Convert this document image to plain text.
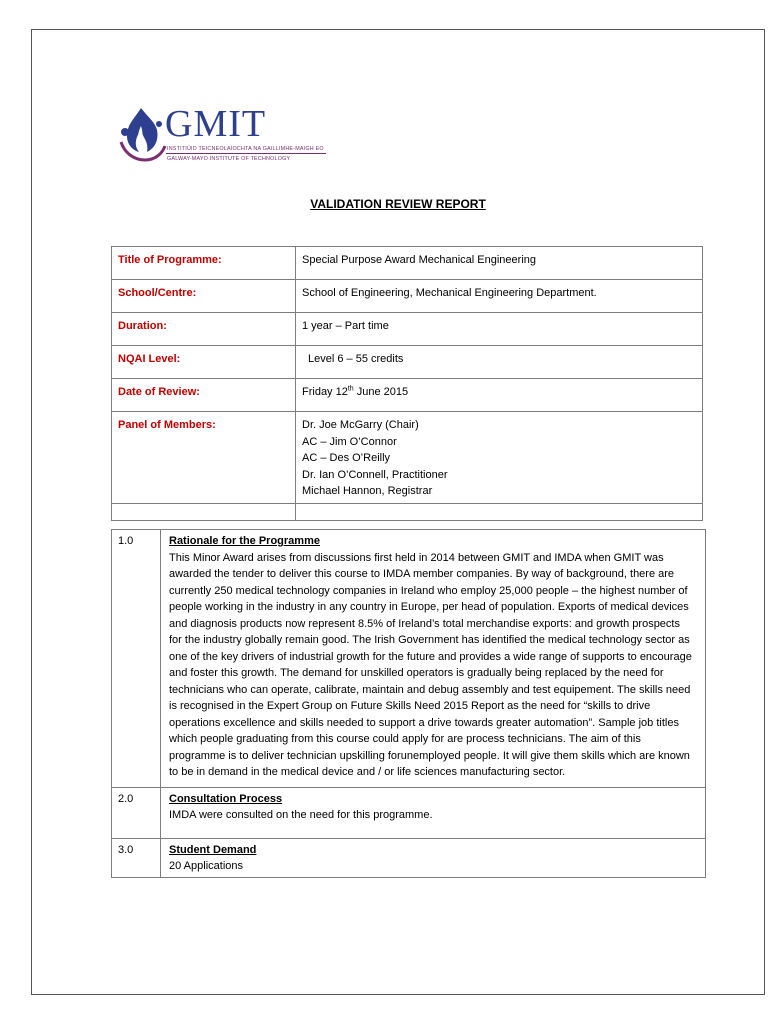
GMIT
INSTITIÚID TEICNEOLAÍOCHTA NA GAILLIMHE-MAIGH EO
GALWAY-MAYO INSTITUTE OF TECHNOLOGY
VALIDATION REVIEW REPORT
Title of Programme:	Special Purpose Award Mechanical Engineering
School/Centre:	School of Engineering, Mechanical Engineering Department.
Duration:	1 year – Part time
NQAI Level:	Level 6 – 55 credits
Date of Review:	Friday 12th June 2015
Panel of Members:	Dr. Joe McGarry (Chair)
AC – Jim O’Connor
AC – Des O’Reilly
Dr. Ian O’Connell, Practitioner
Michael Hannon, Registrar

1.0	Rationale for the Programme

This Minor Award arises from discussions first held in 2014 between GMIT and IMDA when GMIT was awarded the tender to deliver this course to IMDA member companies. By way of background, there are currently 250 medical technology companies in Ireland who employ 25,000 people – the highest number of people working in the industry in any country in Europe, per head of population. Exports of medical devices and diagnosis products now represent 8.5% of Ireland’s total merchandise exports: and growth prospects for the industry globally remain good. The Irish Government has identified the medical technology sector as one of the key drivers of industrial growth for the future and provides a wide range of supports to encourage and foster this growth. The demand for unskilled operators is gradually being replaced by the need for technicians who can operate, calibrate, maintain and debug assembly and test equipement. The skills need is recognised in the Expert Group on Future Skills Need 2015 Report as the need for “skills to drive operations excellence and skills needed to support a drive towards greater automation”. Sample job titles which people graduating from this course could apply for are process technicians. The aim of this programme is to deliver technician upskilling forunemployed people. It will give them skills which are known to be in demand in the medical device and / or life sciences manufacturing sector.

2.0	Consultation Process

IMDA were consulted on the need for this programme.

3.0	Student Demand

20 Applications
